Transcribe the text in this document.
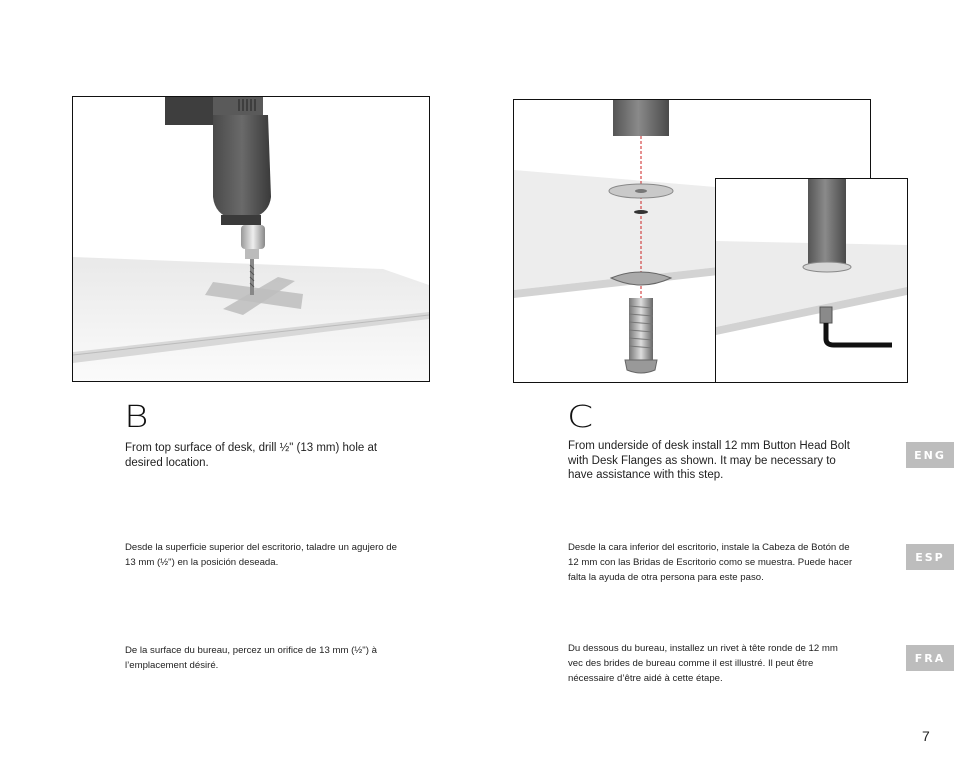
B	C
From top surface of desk, drill ½" (13 mm) hole at desired location.
Desde la superficie superior del escritorio, taladre un agujero de 13 mm (½") en la posición deseada.
De la surface du bureau, percez un orifice de 13 mm (½") à l’emplacement désiré.
From underside of desk install 12 mm Button Head Bolt with Desk Flanges as shown. It may be necessary to have assistance with this step.
Desde la cara inferior del escritorio, instale la Cabeza de Botón de 12 mm con las Bridas de Escritorio como se muestra. Puede hacer falta la ayuda de otra persona para este paso.
Du dessous du bureau, installez un rivet à tête ronde de 12 mm vec des brides de bureau comme il est illustré. Il peut être nécessaire d’être aidé à cette étape.
ENG
ESP
FRA
7
